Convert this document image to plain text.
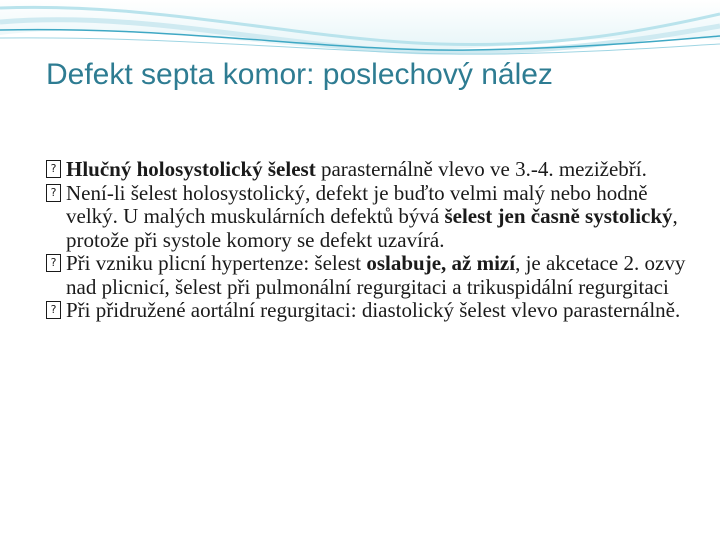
Defekt septa komor: poslechový nález

? Hlučný holosystolický šelest parasternálně vlevo ve 3.-4. mezižebří.

? Není-li šelest holosystolický, defekt je buďto velmi malý nebo hodně velký. U malých muskulárních defektů bývá šelest jen časně systolický, protože při systole komory se defekt uzavírá.

? Při vzniku plicní hypertenze: šelest oslabuje, až mizí, je akcetace 2. ozvy nad plicnicí, šelest při pulmonální regurgitaci a trikuspidální regurgitaci

? Při přidružené aortální regurgitaci: diastolický šelest vlevo parasternálně.
